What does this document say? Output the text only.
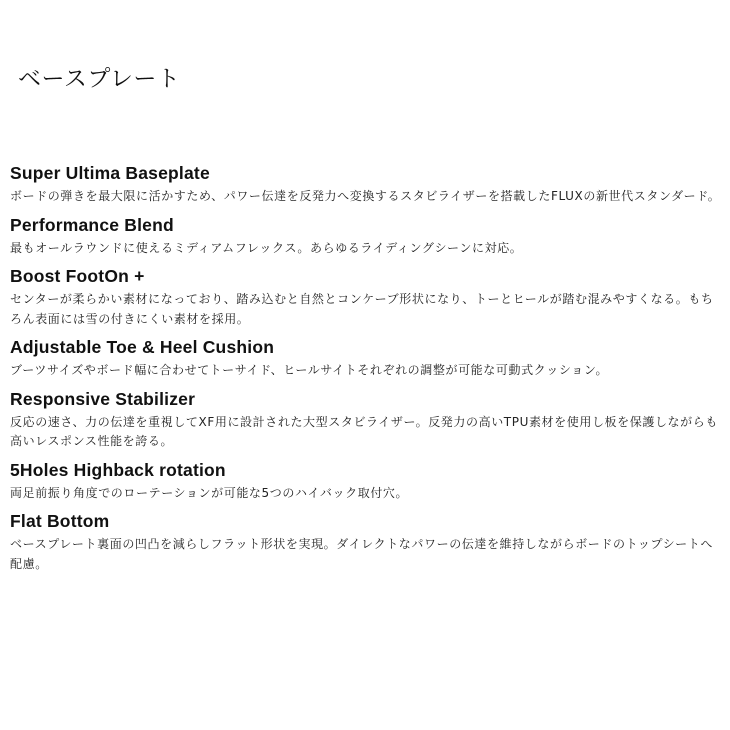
ベースプレート
Super Ultima Baseplate

ボードの弾きを最大限に活かすため、パワー伝達を反発力へ変換するスタビライザーを搭載したFLUXの新世代スタンダード。

Performance Blend

最もオールラウンドに使えるミディアムフレックス。あらゆるライディングシーンに対応。

Boost FootOn +

センターが柔らかい素材になっており、踏み込むと自然とコンケーブ形状になり、トーとヒールが踏む混みやすくなる。もちろん表面には雪の付きにくい素材を採用。

Adjustable Toe & Heel Cushion

ブーツサイズやボード幅に合わせてトーサイド、ヒールサイトそれぞれの調整が可能な可動式クッション。

Responsive Stabilizer

反応の速さ、力の伝達を重視してXF用に設計された大型スタビライザー。反発力の高いTPU素材を使用し板を保護しながらも高いレスポンス性能を誇る。

5Holes Highback rotation

両足前振り角度でのローテーションが可能な5つのハイバック取付穴。

Flat Bottom

ベースプレート裏面の凹凸を減らしフラット形状を実現。ダイレクトなパワーの伝達を維持しながらボードのトップシートへ配慮。
